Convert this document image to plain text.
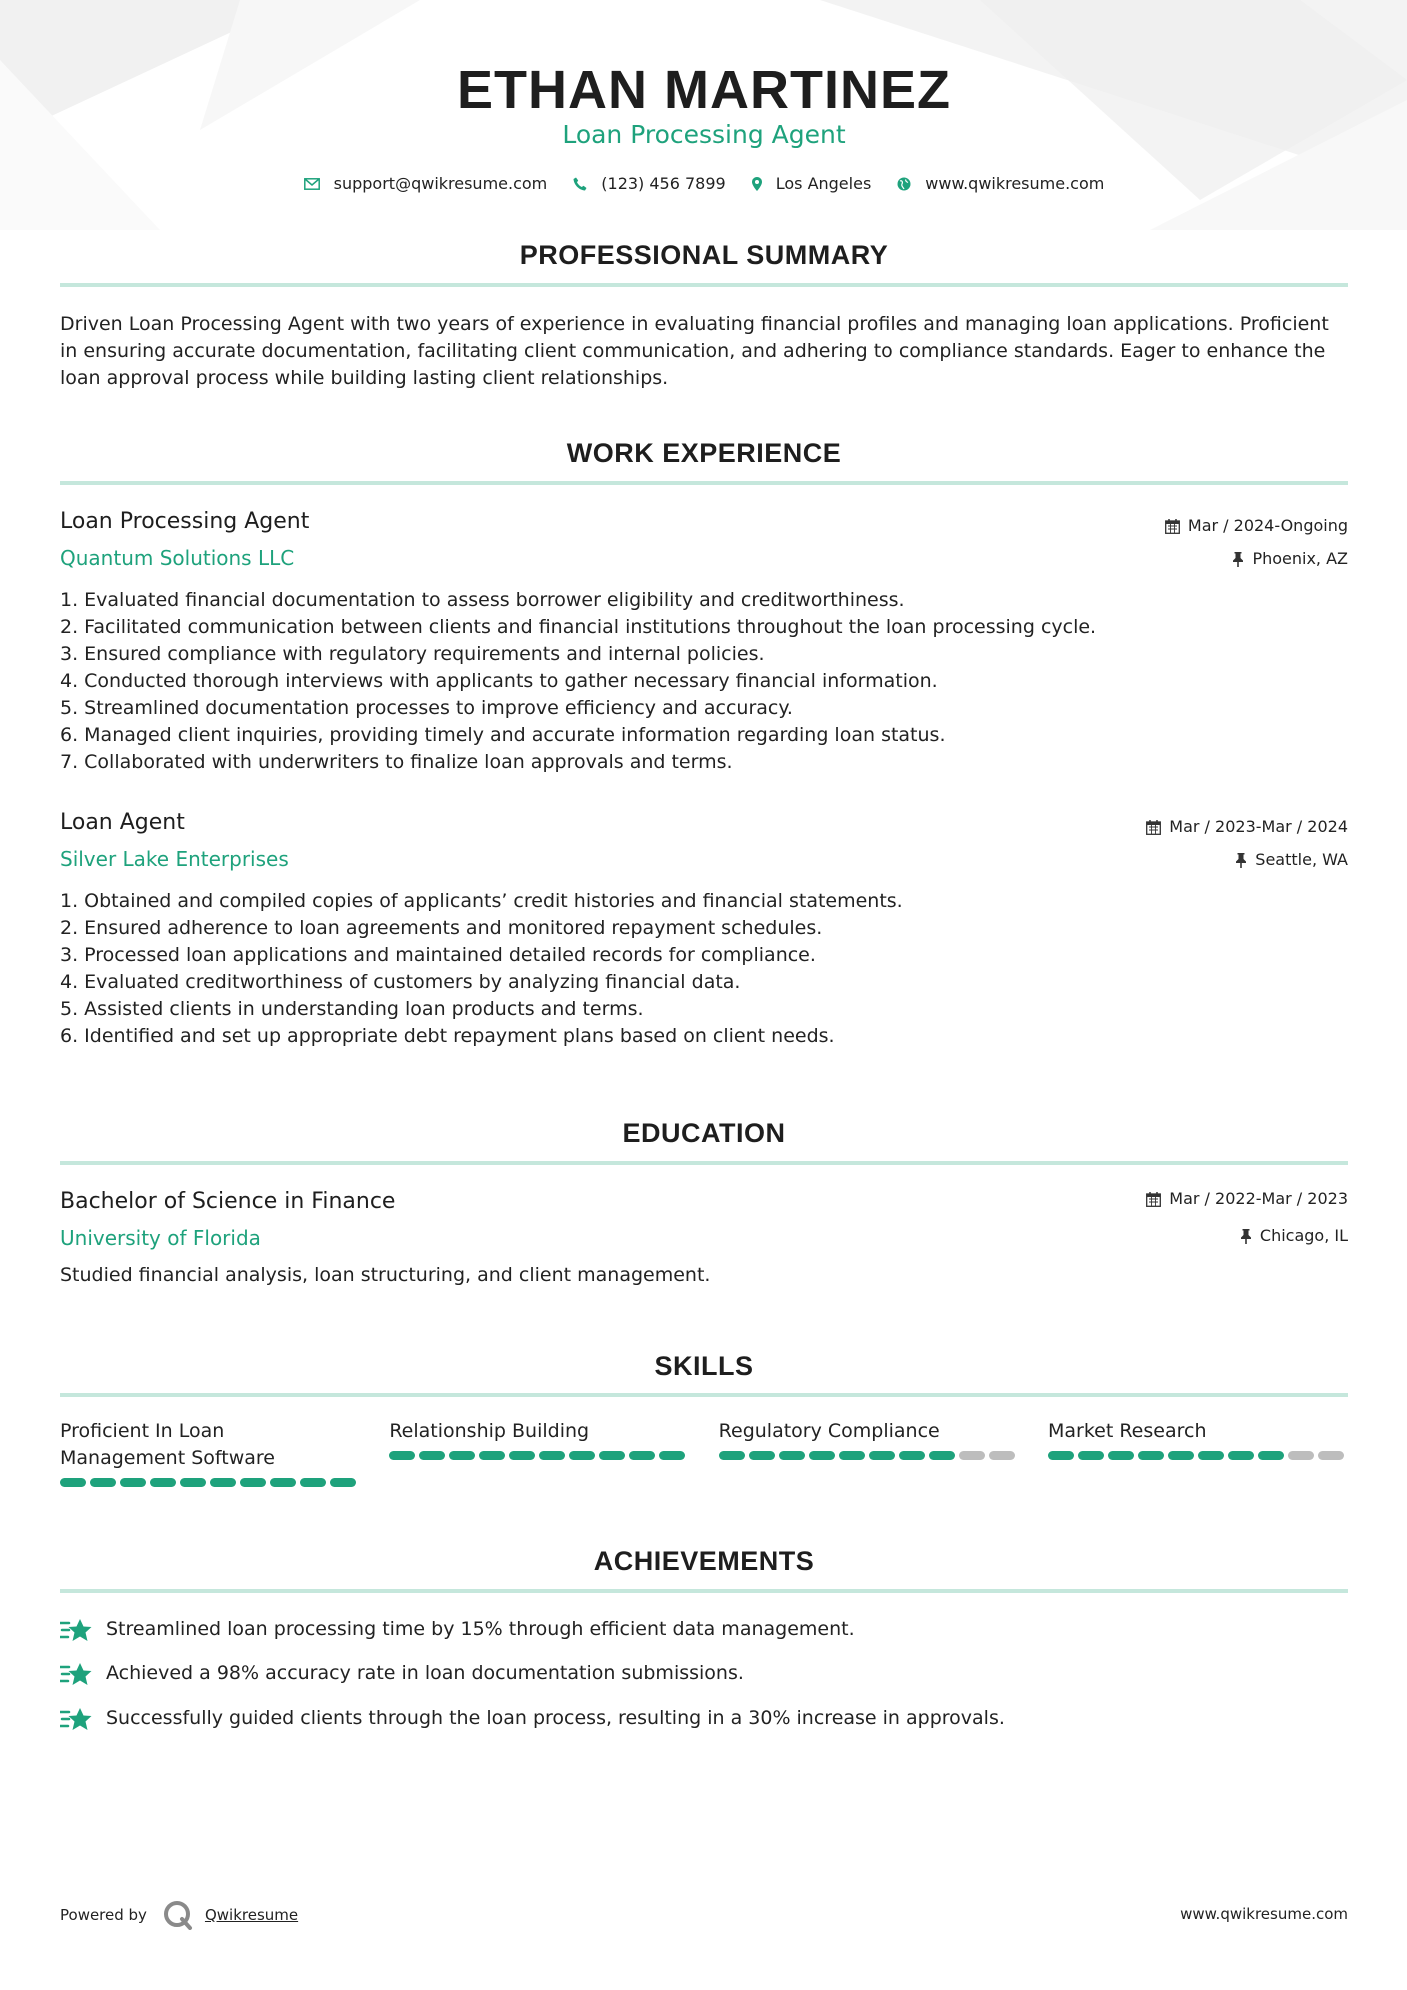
ETHAN MARTINEZ
Loan Processing Agent
support@qwikresume.com	(123) 456 7899	Los Angeles	www.qwikresume.com
PROFESSIONAL SUMMARY
Driven Loan Processing Agent with two years of experience in evaluating financial profiles and managing loan applications. Proficient in ensuring accurate documentation, facilitating client communication, and adhering to compliance standards. Eager to enhance the loan approval process while building lasting client relationships.
WORK EXPERIENCE
Loan Processing Agent	Mar / 2024-Ongoing
Quantum Solutions LLC	Phoenix, AZ
1. Evaluated financial documentation to assess borrower eligibility and creditworthiness.
2. Facilitated communication between clients and financial institutions throughout the loan processing cycle.
3. Ensured compliance with regulatory requirements and internal policies.
4. Conducted thorough interviews with applicants to gather necessary financial information.
5. Streamlined documentation processes to improve efficiency and accuracy.
6. Managed client inquiries, providing timely and accurate information regarding loan status.
7. Collaborated with underwriters to finalize loan approvals and terms.
Loan Agent	Mar / 2023-Mar / 2024
Silver Lake Enterprises	Seattle, WA
1. Obtained and compiled copies of applicants’ credit histories and financial statements.
2. Ensured adherence to loan agreements and monitored repayment schedules.
3. Processed loan applications and maintained detailed records for compliance.
4. Evaluated creditworthiness of customers by analyzing financial data.
5. Assisted clients in understanding loan products and terms.
6. Identified and set up appropriate debt repayment plans based on client needs.
EDUCATION
Bachelor of Science in Finance	Mar / 2022-Mar / 2023
University of Florida	Chicago, IL
Studied financial analysis, loan structuring, and client management.
SKILLS
Proficient In Loan
Management Software
Relationship Building	Regulatory Compliance	Market Research
ACHIEVEMENTS
Streamlined loan processing time by 15% through efficient data management.
Achieved a 98% accuracy rate in loan documentation submissions.
Successfully guided clients through the loan process, resulting in a 30% increase in approvals.
Powered by	Qwikresume	www.qwikresume.com
